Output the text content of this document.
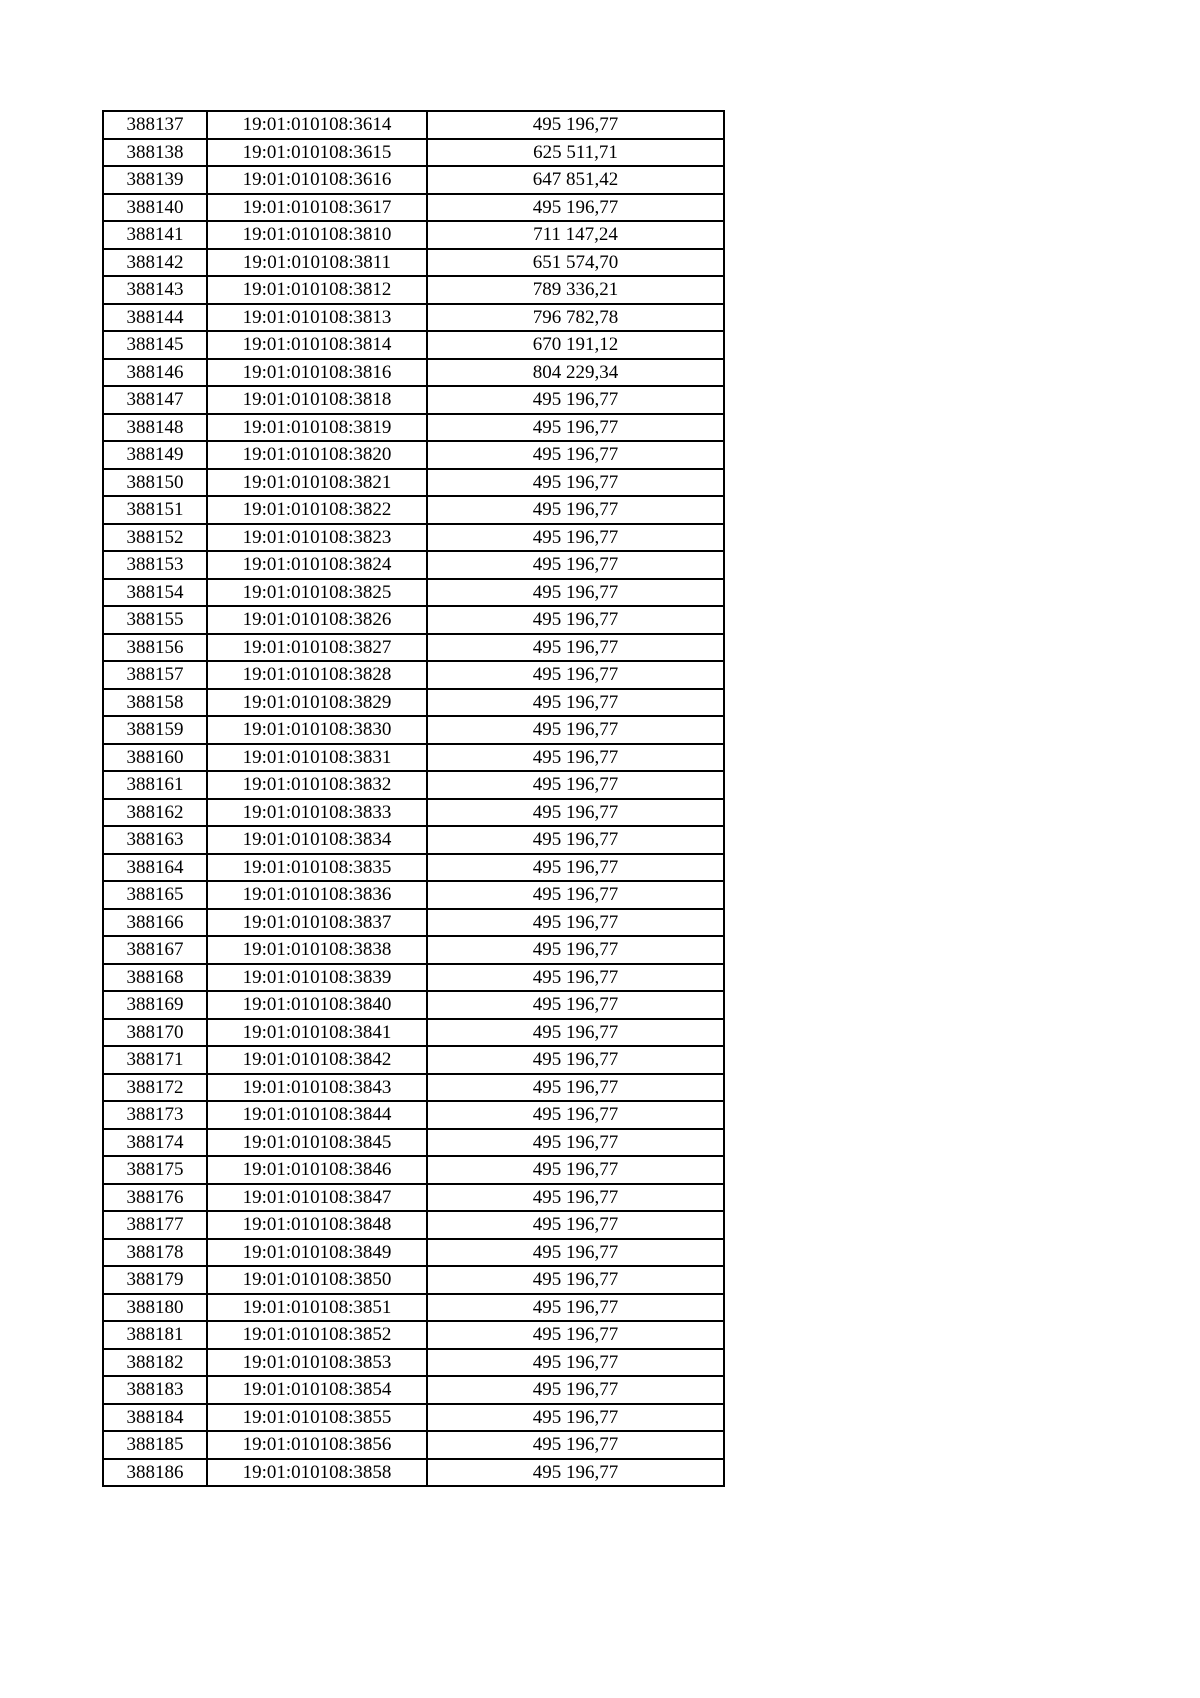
388137	19:01:010108:3614	495 196,77
388138	19:01:010108:3615	625 511,71
388139	19:01:010108:3616	647 851,42
388140	19:01:010108:3617	495 196,77
388141	19:01:010108:3810	711 147,24
388142	19:01:010108:3811	651 574,70
388143	19:01:010108:3812	789 336,21
388144	19:01:010108:3813	796 782,78
388145	19:01:010108:3814	670 191,12
388146	19:01:010108:3816	804 229,34
388147	19:01:010108:3818	495 196,77
388148	19:01:010108:3819	495 196,77
388149	19:01:010108:3820	495 196,77
388150	19:01:010108:3821	495 196,77
388151	19:01:010108:3822	495 196,77
388152	19:01:010108:3823	495 196,77
388153	19:01:010108:3824	495 196,77
388154	19:01:010108:3825	495 196,77
388155	19:01:010108:3826	495 196,77
388156	19:01:010108:3827	495 196,77
388157	19:01:010108:3828	495 196,77
388158	19:01:010108:3829	495 196,77
388159	19:01:010108:3830	495 196,77
388160	19:01:010108:3831	495 196,77
388161	19:01:010108:3832	495 196,77
388162	19:01:010108:3833	495 196,77
388163	19:01:010108:3834	495 196,77
388164	19:01:010108:3835	495 196,77
388165	19:01:010108:3836	495 196,77
388166	19:01:010108:3837	495 196,77
388167	19:01:010108:3838	495 196,77
388168	19:01:010108:3839	495 196,77
388169	19:01:010108:3840	495 196,77
388170	19:01:010108:3841	495 196,77
388171	19:01:010108:3842	495 196,77
388172	19:01:010108:3843	495 196,77
388173	19:01:010108:3844	495 196,77
388174	19:01:010108:3845	495 196,77
388175	19:01:010108:3846	495 196,77
388176	19:01:010108:3847	495 196,77
388177	19:01:010108:3848	495 196,77
388178	19:01:010108:3849	495 196,77
388179	19:01:010108:3850	495 196,77
388180	19:01:010108:3851	495 196,77
388181	19:01:010108:3852	495 196,77
388182	19:01:010108:3853	495 196,77
388183	19:01:010108:3854	495 196,77
388184	19:01:010108:3855	495 196,77
388185	19:01:010108:3856	495 196,77
388186	19:01:010108:3858	495 196,77
